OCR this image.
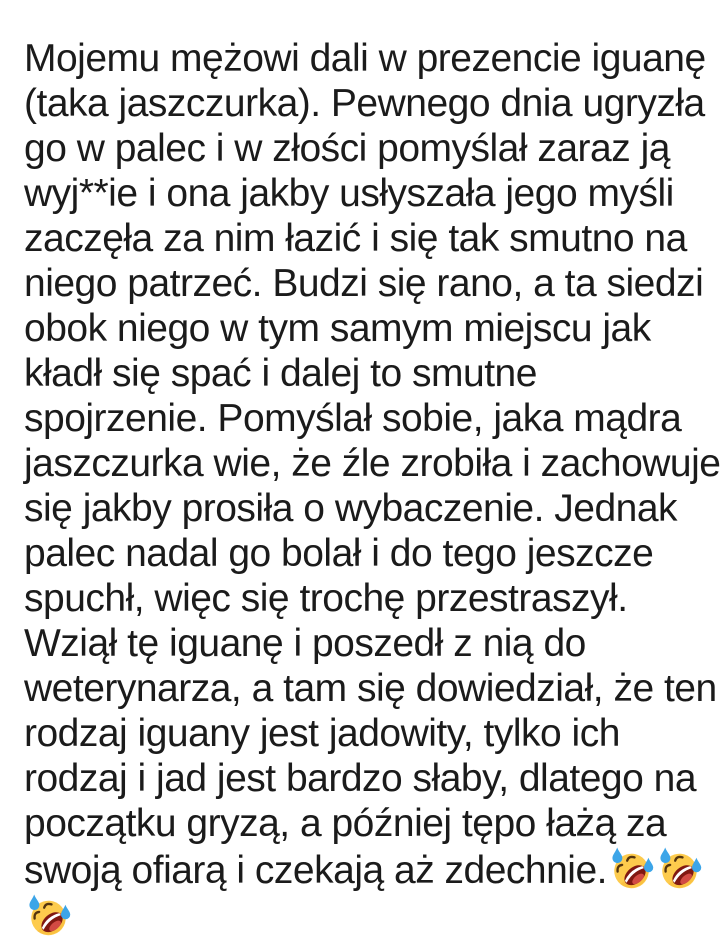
Mojemu mężowi dali w prezencie iguanę
(taka jaszczurka). Pewnego dnia ugryzła
go w palec i w złości pomyślał zaraz ją
wyj**ie i ona jakby usłyszała jego myśli
zaczęła za nim łazić i się tak smutno na
niego patrzeć. Budzi się rano, a ta siedzi
obok niego w tym samym miejscu jak
kładł się spać i dalej to smutne
spojrzenie. Pomyślał sobie, jaka mądra
jaszczurka wie, że źle zrobiła i zachowuje
się jakby prosiła o wybaczenie. Jednak
palec nadal go bolał i do tego jeszcze
spuchł, więc się trochę przestraszył.
Wziął tę iguanę i poszedł z nią do
weterynarza, a tam się dowiedział, że ten
rodzaj iguany jest jadowity, tylko ich
rodzaj i jad jest bardzo słaby, dlatego na
początku gryzą, a później tępo łażą za
swoją ofiarą i czekają aż zdechnie.
